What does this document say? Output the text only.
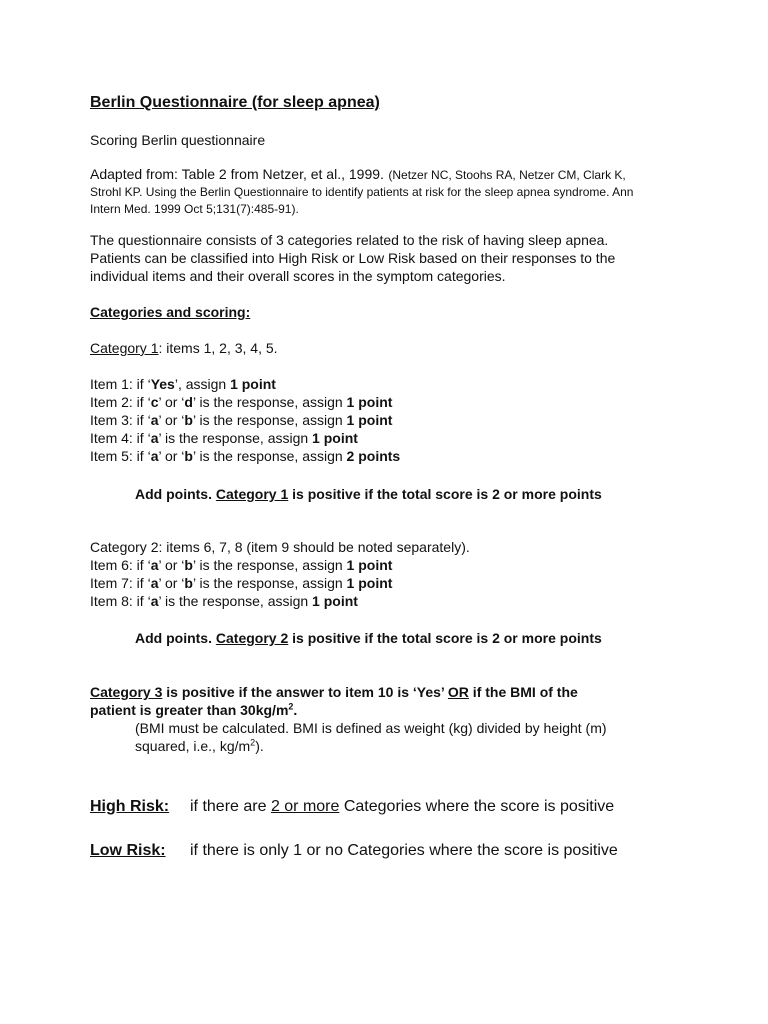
Berlin Questionnaire (for sleep apnea)
Scoring Berlin questionnaire
Adapted from: Table 2 from Netzer, et al., 1999. (Netzer NC, Stoohs RA, Netzer CM, Clark K,
Strohl KP. Using the Berlin Questionnaire to identify patients at risk for the sleep apnea syndrome. Ann
Intern Med. 1999 Oct 5;131(7):485-91).
The questionnaire consists of 3 categories related to the risk of having sleep apnea.
Patients can be classified into High Risk or Low Risk based on their responses to the
individual items and their overall scores in the symptom categories.
Categories and scoring:
Category 1: items 1, 2, 3, 4, 5.
Item 1: if ‘Yes’, assign 1 point
Item 2: if ‘c’ or ‘d’ is the response, assign 1 point
Item 3: if ‘a’ or ‘b’ is the response, assign 1 point
Item 4: if ‘a’ is the response, assign 1 point
Item 5: if ‘a’ or ‘b’ is the response, assign 2 points
Add points. Category 1 is positive if the total score is 2 or more points
Category 2: items 6, 7, 8 (item 9 should be noted separately).
Item 6: if ‘a’ or ‘b’ is the response, assign 1 point
Item 7: if ‘a’ or ‘b’ is the response, assign 1 point
Item 8: if ‘a’ is the response, assign 1 point
Add points. Category 2 is positive if the total score is 2 or more points
Category 3 is positive if the answer to item 10 is ‘Yes’ OR if the BMI of the
patient is greater than $30kg/m^2$.
(BMI must be calculated. BMI is defined as weight (kg) divided by height (m)
squared, i.e., $kg/m^2$).
High Risk: if there are 2 or more Categories where the score is positive
Low Risk: if there is only 1 or no Categories where the score is positive
